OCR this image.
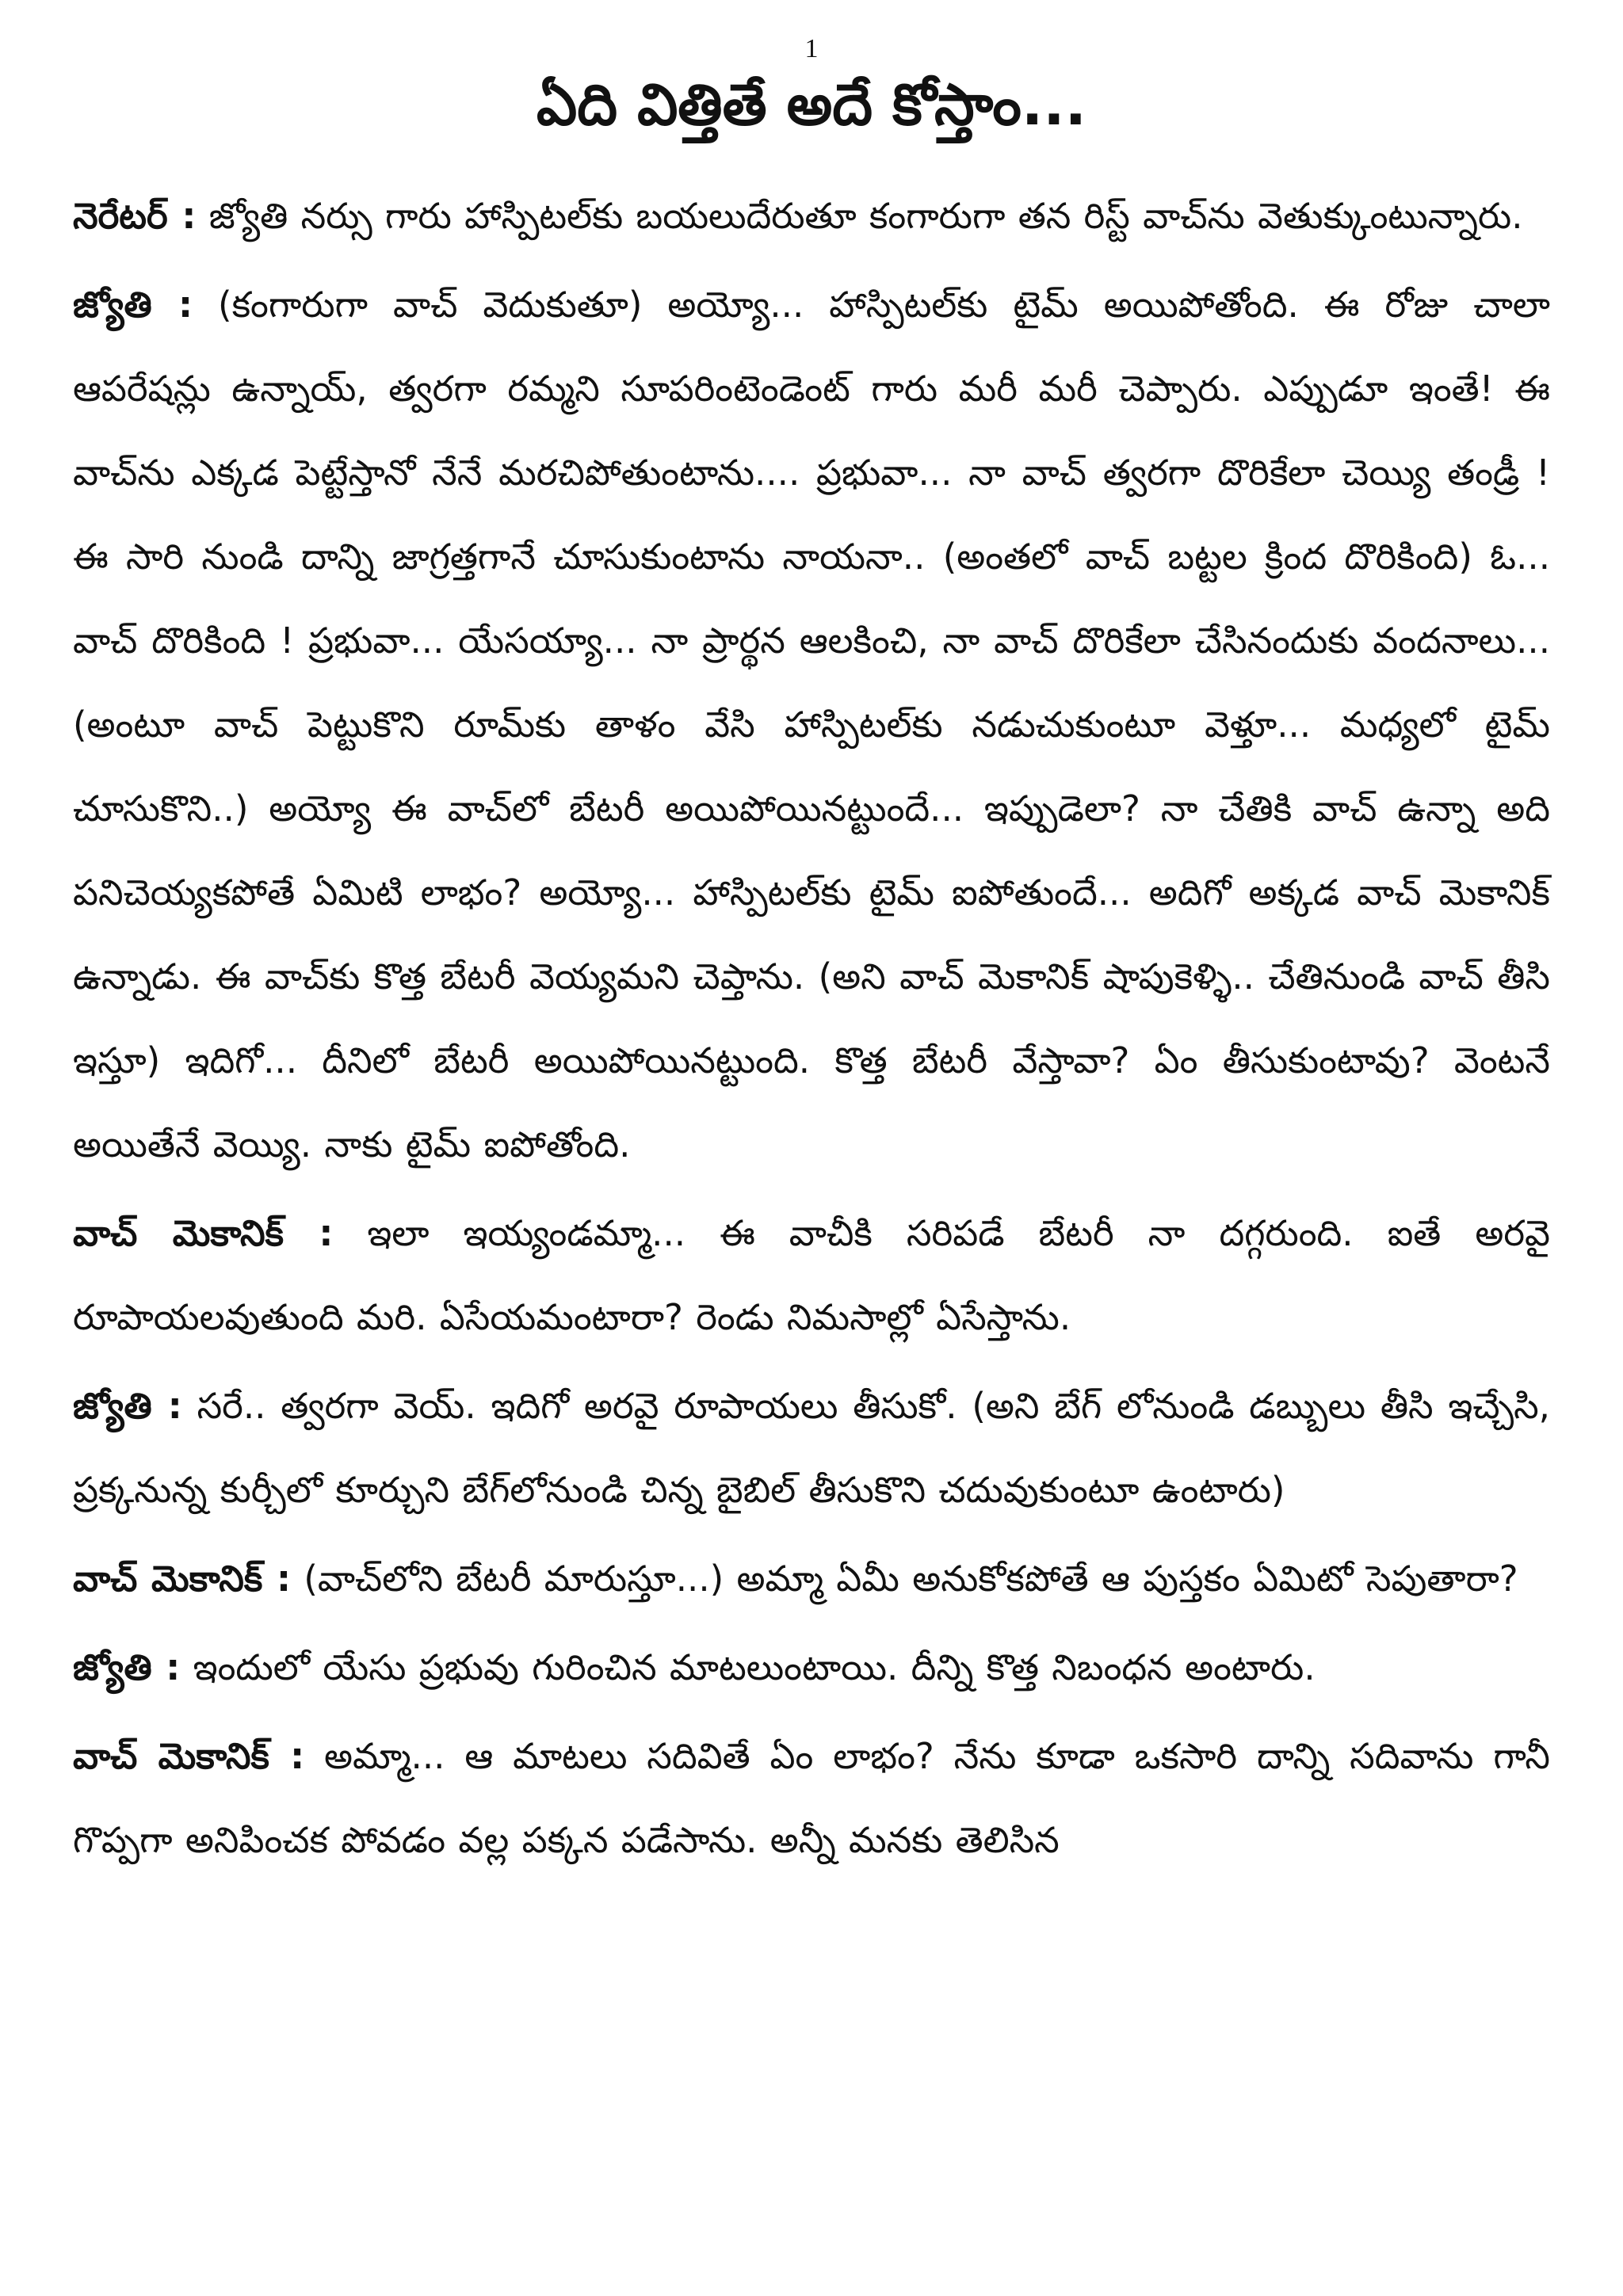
1

ఏది విత్తితే అదే కోస్తాం...

నెరేటర్ : జ్యోతి నర్సు గారు హాస్పిటల్‌కు బయలుదేరుతూ కంగారుగా తన రిస్ట్ వాచ్‌ను వెతుక్కుంటున్నారు.

జ్యోతి : (కంగారుగా వాచ్ వెదుకుతూ) అయ్యో... హాస్పిటల్‌కు టైమ్ అయిపోతోంది. ఈ రోజు చాలా ఆపరేషన్లు ఉన్నాయ్, త్వరగా రమ్మని సూపరింటెండెంట్ గారు మరీ మరీ చెప్పారు. ఎప్పుడూ ఇంతే! ఈ వాచ్‌ను ఎక్కడ పెట్టేస్తానో నేనే మరచిపోతుంటాను.... ప్రభువా... నా వాచ్ త్వరగా దొరికేలా చెయ్యి తండ్రీ ! ఈ సారి నుండి దాన్ని జాగ్రత్తగానే చూసుకుంటాను నాయనా.. (అంతలో వాచ్ బట్టల క్రింద దొరికింది) ఓ... వాచ్ దొరికింది ! ప్రభువా... యేసయ్యా... నా ప్రార్థన ఆలకించి, నా వాచ్ దొరికేలా చేసినందుకు వందనాలు... (అంటూ వాచ్ పెట్టుకొని రూమ్‌కు తాళం వేసి హాస్పిటల్‌కు నడుచుకుంటూ వెళ్తూ... మధ్యలో టైమ్ చూసుకొని..) అయ్యో ఈ వాచ్‌లో బేటరీ అయిపోయినట్టుందే... ఇప్పుడెలా? నా చేతికి వాచ్ ఉన్నా అది పనిచెయ్యకపోతే ఏమిటి లాభం? అయ్యో... హాస్పిటల్‌కు టైమ్ ఐపోతుందే... అదిగో అక్కడ వాచ్ మెకానిక్ ఉన్నాడు. ఈ వాచ్‌కు కొత్త బేటరీ వెయ్యమని చెప్తాను. (అని వాచ్ మెకానిక్ షాపుకెళ్ళి.. చేతినుండి వాచ్ తీసి ఇస్తూ) ఇదిగో... దీనిలో బేటరీ అయిపోయినట్టుంది. కొత్త బేటరీ వేస్తావా? ఏం తీసుకుంటావు? వెంటనే అయితేనే వెయ్యి. నాకు టైమ్ ఐపోతోంది.

వాచ్ మెకానిక్ : ఇలా ఇయ్యండమ్మా... ఈ వాచీకి సరిపడే బేటరీ నా దగ్గరుంది. ఐతే అరవై రూపాయలవుతుంది మరి. ఏసేయమంటారా? రెండు నిమసాల్లో ఏసేస్తాను.

జ్యోతి : సరే.. త్వరగా వెయ్. ఇదిగో అరవై రూపాయలు తీసుకో. (అని బేగ్ లోనుండి డబ్బులు తీసి ఇచ్చేసి, ప్రక్కనున్న కుర్చీలో కూర్చుని బేగ్‌లోనుండి చిన్న బైబిల్ తీసుకొని చదువుకుంటూ ఉంటారు)

వాచ్ మెకానిక్ : (వాచ్‌లోని బేటరీ మారుస్తూ...) అమ్మా ఏమీ అనుకోకపోతే ఆ పుస్తకం ఏమిటో సెపుతారా?

జ్యోతి : ఇందులో యేసు ప్రభువు గురించిన మాటలుంటాయి. దీన్ని కొత్త నిబంధన అంటారు.

వాచ్ మెకానిక్ : అమ్మా... ఆ మాటలు సదివితే ఏం లాభం? నేను కూడా ఒకసారి దాన్ని సదివాను గానీ గొప్పగా అనిపించక పోవడం వల్ల పక్కన పడేసాను. అన్నీ మనకు తెలిసిన
